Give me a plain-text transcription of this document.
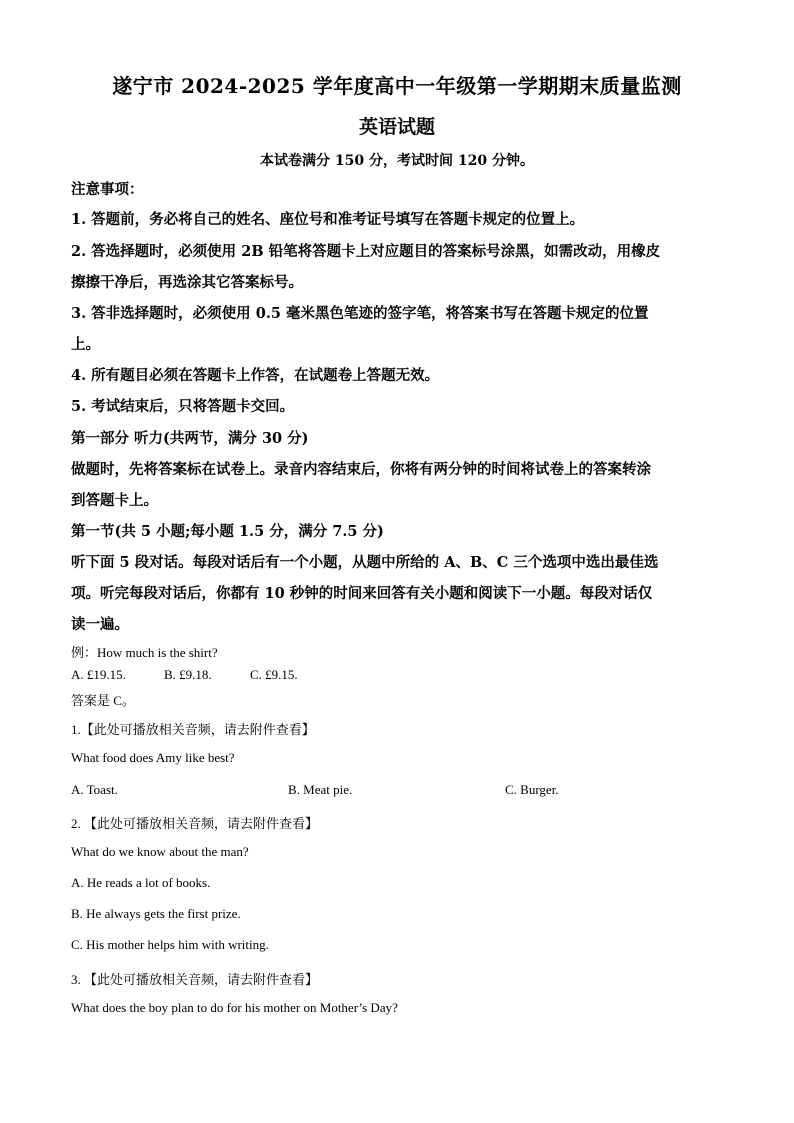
遂宁市 2024-2025 学年度高中一年级第一学期期末质量监测
英语试题
本试卷满分 150 分，考试时间 120 分钟。
注意事项：
1. 答题前，务必将自己的姓名、座位号和准考证号填写在答题卡规定的位置上。
2. 答选择题时，必须使用 2B 铅笔将答题卡上对应题目的答案标号涂黑，如需改动，用橡皮
擦擦干净后，再选涂其它答案标号。
3. 答非选择题时，必须使用 0.5 毫米黑色笔迹的签字笔，将答案书写在答题卡规定的位置
上。
4. 所有题目必须在答题卡上作答，在试题卷上答题无效。
5. 考试结束后，只将答题卡交回。
第一部分 听力(共两节，满分 30 分)
做题时，先将答案标在试卷上。录音内容结束后，你将有两分钟的时间将试卷上的答案转涂
到答题卡上。
第一节(共 5 小题;每小题 1.5 分，满分 7.5 分)
听下面 5 段对话。每段对话后有一个小题，从题中所给的 A、B、C 三个选项中选出最佳选
项。听完每段对话后，你都有 10 秒钟的时间来回答有关小题和阅读下一小题。每段对话仅
读一遍。
例：How much is the shirt?
A. £19.15.	B. £9.18.	C. £9.15.
答案是 C。
1.【此处可播放相关音频，请去附件查看】
What food does Amy like best?
A. Toast.	B. Meat pie.	C. Burger.
2. 【此处可播放相关音频，请去附件查看】
What do we know about the man?
A. He reads a lot of books.
B. He always gets the first prize.
C. His mother helps him with writing.
3. 【此处可播放相关音频，请去附件查看】
What does the boy plan to do for his mother on Mother’s Day?
